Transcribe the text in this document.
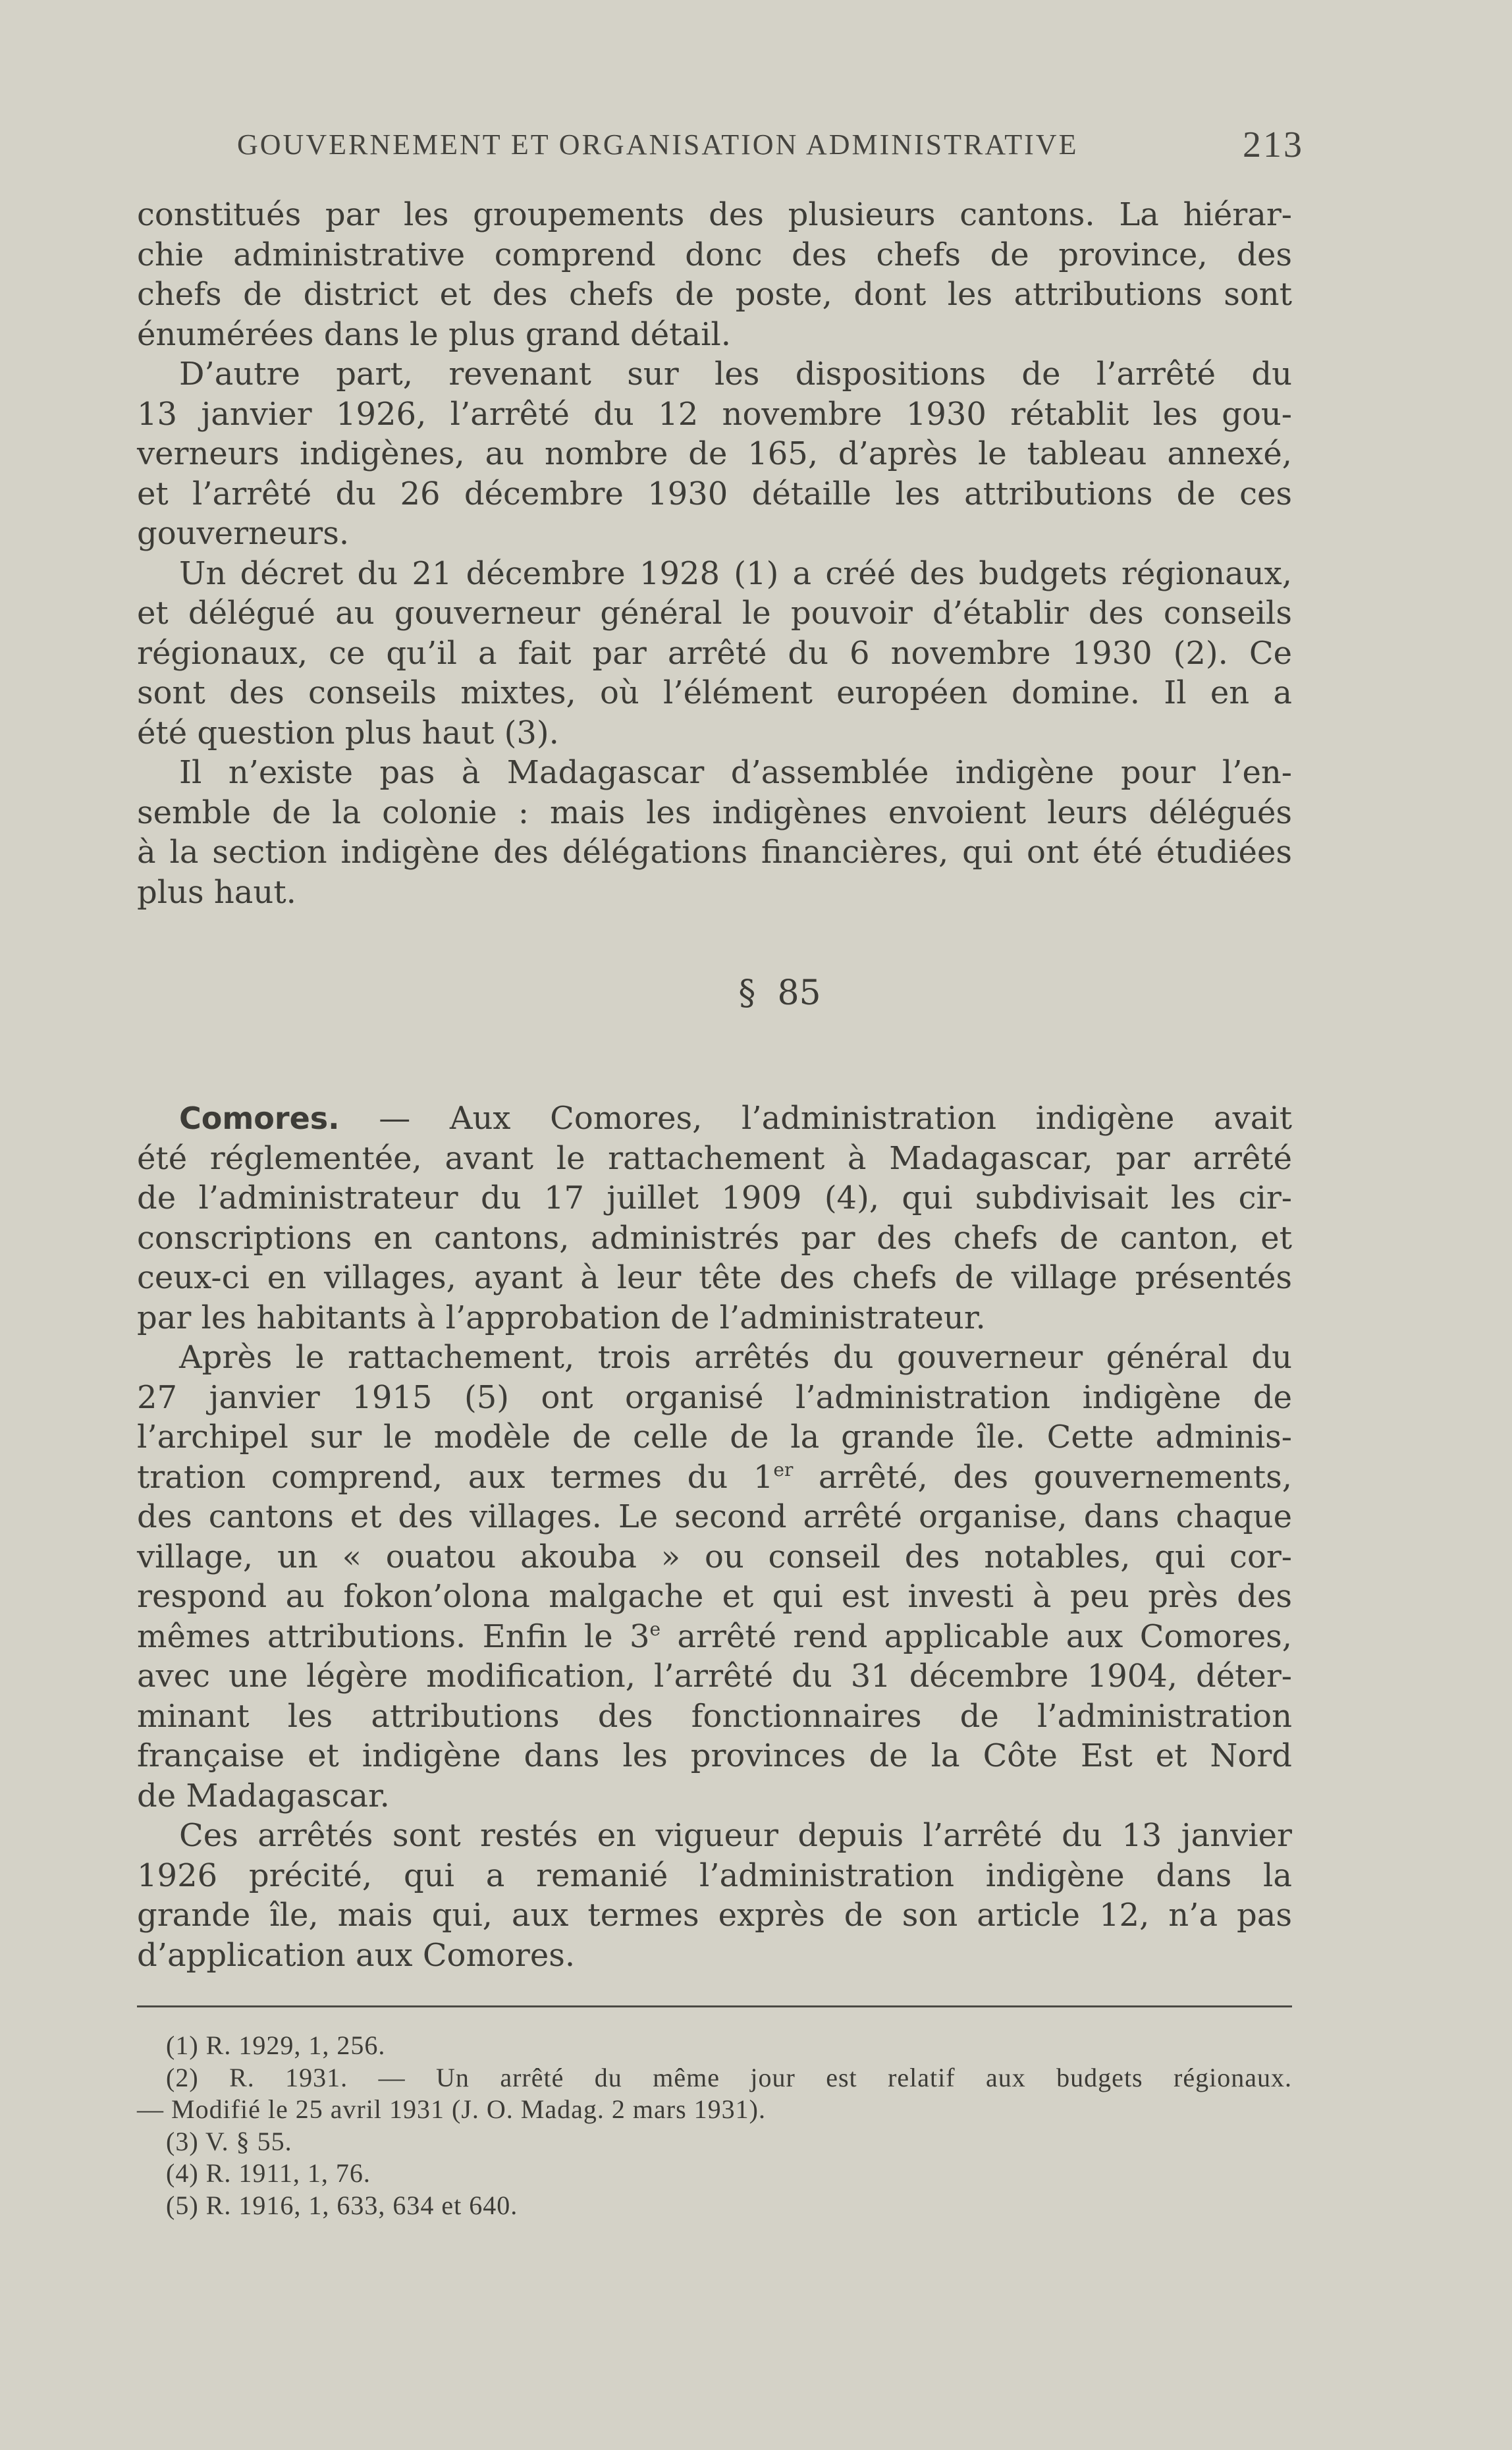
GOUVERNEMENT ET ORGANISATION ADMINISTRATIVE	213
constitués par les groupements des plusieurs cantons. La hiérar-
chie administrative comprend donc des chefs de province, des
chefs de district et des chefs de poste, dont les attributions sont
énumérées dans le plus grand détail.
D’autre part, revenant sur les dispositions de l’arrêté du
13 janvier 1926, l’arrêté du 12 novembre 1930 rétablit les gou-
verneurs indigènes, au nombre de 165, d’après le tableau annexé,
et l’arrêté du 26 décembre 1930 détaille les attributions de ces
gouverneurs.
Un décret du 21 décembre 1928 (1) a créé des budgets régionaux,
et délégué au gouverneur général le pouvoir d’établir des conseils
régionaux, ce qu’il a fait par arrêté du 6 novembre 1930 (2). Ce
sont des conseils mixtes, où l’élément européen domine. Il en a
été question plus haut (3).
Il n’existe pas à Madagascar d’assemblée indigène pour l’en-
semble de la colonie : mais les indigènes envoient leurs délégués
à la section indigène des délégations financières, qui ont été étudiées
plus haut.
§ 85
Comores. — Aux Comores, l’administration indigène avait
été réglementée, avant le rattachement à Madagascar, par arrêté
de l’administrateur du 17 juillet 1909 (4), qui subdivisait les cir-
conscriptions en cantons, administrés par des chefs de canton, et
ceux-ci en villages, ayant à leur tête des chefs de village présentés
par les habitants à l’approbation de l’administrateur.
Après le rattachement, trois arrêtés du gouverneur général du
27 janvier 1915 (5) ont organisé l’administration indigène de
l’archipel sur le modèle de celle de la grande île. Cette adminis-
tration comprend, aux termes du 1er arrêté, des gouvernements,
des cantons et des villages. Le second arrêté organise, dans chaque
village, un « ouatou akouba » ou conseil des notables, qui cor-
respond au fokon’olona malgache et qui est investi à peu près des
mêmes attributions. Enfin le 3e arrêté rend applicable aux Comores,
avec une légère modification, l’arrêté du 31 décembre 1904, déter-
minant les attributions des fonctionnaires de l’administration
française et indigène dans les provinces de la Côte Est et Nord
de Madagascar.
Ces arrêtés sont restés en vigueur depuis l’arrêté du 13 janvier
1926 précité, qui a remanié l’administration indigène dans la
grande île, mais qui, aux termes exprès de son article 12, n’a pas
d’application aux Comores.
(1) R. 1929, 1, 256.
(2) R. 1931. — Un arrêté du même jour est relatif aux budgets régionaux.
— Modifié le 25 avril 1931 (J. O. Madag. 2 mars 1931).
(3) V. § 55.
(4) R. 1911, 1, 76.
(5) R. 1916, 1, 633, 634 et 640.
